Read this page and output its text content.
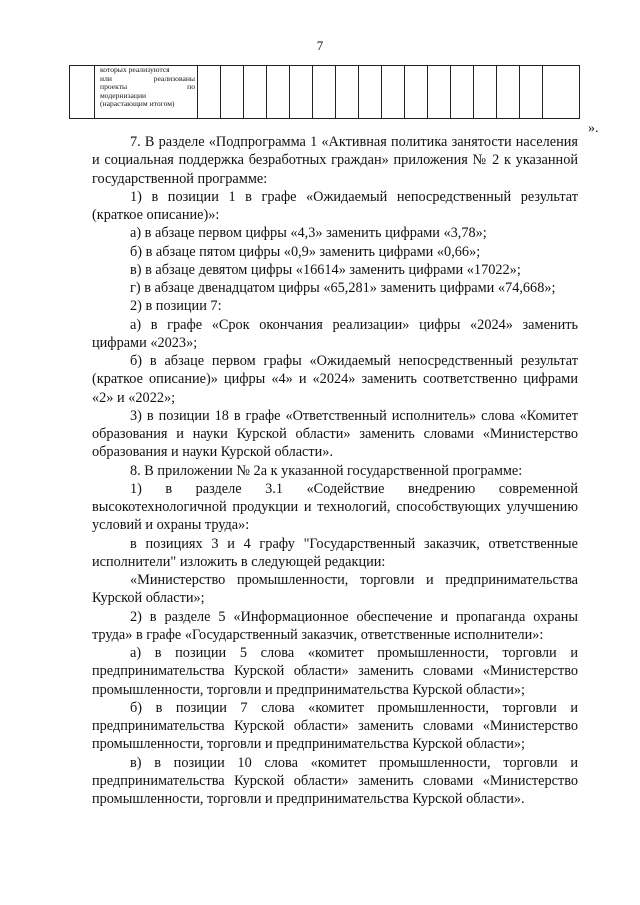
7

которых реализуются
или реализованы
проекты по
модернизации
(нарастающим итогом)

».

7. В разделе «Подпрограмма 1 «Активная политика занятости населения и социальная поддержка безработных граждан» приложения № 2 к указанной государственной программе:

1) в позиции 1 в графе «Ожидаемый непосредственный результат (краткое описание)»:

а) в абзаце первом цифры «4,3» заменить цифрами «3,78»;

б) в абзаце пятом цифры «0,9» заменить цифрами «0,66»;

в) в абзаце девятом цифры «16614» заменить цифрами «17022»;

г) в абзаце двенадцатом цифры «65,281» заменить цифрами «74,668»;

2) в позиции 7:

а) в графе «Срок окончания реализации» цифры «2024» заменить цифрами «2023»;

б) в абзаце первом графы «Ожидаемый непосредственный результат (краткое описание)» цифры «4» и «2024» заменить соответственно цифрами «2» и «2022»;

3) в позиции 18 в графе «Ответственный исполнитель» слова «Комитет образования и науки Курской области» заменить словами «Министерство образования и науки Курской области».

8. В приложении № 2а к указанной государственной программе:

1) в разделе 3.1 «Содействие внедрению современной высокотехнологичной продукции и технологий, способствующих улучшению условий и охраны труда»:

в позициях 3 и 4 графу "Государственный заказчик, ответственные исполнители" изложить в следующей редакции:

«Министерство промышленности, торговли и предпринимательства Курской области»;

2) в разделе 5 «Информационное обеспечение и пропаганда охраны труда» в графе «Государственный заказчик, ответственные исполнители»:

а) в позиции 5 слова «комитет промышленности, торговли и предпринимательства Курской области» заменить словами «Министерство промышленности, торговли и предпринимательства Курской области»;

б) в позиции 7 слова «комитет промышленности, торговли и предпринимательства Курской области» заменить словами «Министерство промышленности, торговли и предпринимательства Курской области»;

в) в позиции 10 слова «комитет промышленности, торговли и предпринимательства Курской области» заменить словами «Министерство промышленности, торговли и предпринимательства Курской области».
